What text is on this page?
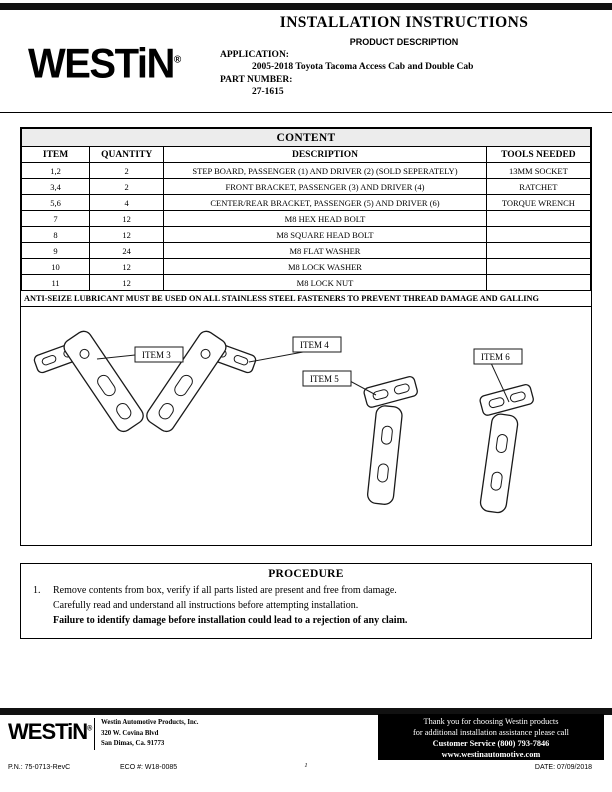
WESTiN®
INSTALLATION INSTRUCTIONS
PRODUCT DESCRIPTION
APPLICATION:
2005-2018 Toyota Tacoma Access Cab and Double Cab
PART NUMBER:
27-1615
CONTENT			
ITEM	QUANTITY	DESCRIPTION	TOOLS NEEDED
1,2	2	STEP BOARD, PASSENGER (1) AND DRIVER (2) (SOLD SEPERATELY)	13MM SOCKET
3,4	2	FRONT BRACKET, PASSENGER (3) AND DRIVER (4)	RATCHET
5,6	4	CENTER/REAR BRACKET, PASSENGER (5) AND DRIVER (6)	TORQUE WRENCH
7	12	M8 HEX HEAD BOLT	
8	12	M8 SQUARE HEAD BOLT	
9	24	M8 FLAT WASHER	
10	12	M8 LOCK WASHER	
11	12	M8 LOCK NUT	
ANTI-SEIZE LUBRICANT MUST BE USED ON ALL STAINLESS STEEL FASTENERS TO PREVENT THREAD DAMAGE AND GALLING
ITEM 3
ITEM 4
ITEM 5
ITEM 6
PROCEDURE
1.	Remove contents from box, verify if all parts listed are present and free from damage.
Carefully read and understand all instructions before attempting installation.
Failure to identify damage before installation could lead to a rejection of any claim.
WESTiN®
Westin Automotive Products, Inc.
320 W. Covina Blvd
San Dimas, Ca. 91773
Thank you for choosing Westin products
for additional installation assistance please call
Customer Service (800) 793-7846
www.westinautomotive.com
1
P.N.: 75-0713-RevC	ECO #: W18-0085	DATE: 07/09/2018
